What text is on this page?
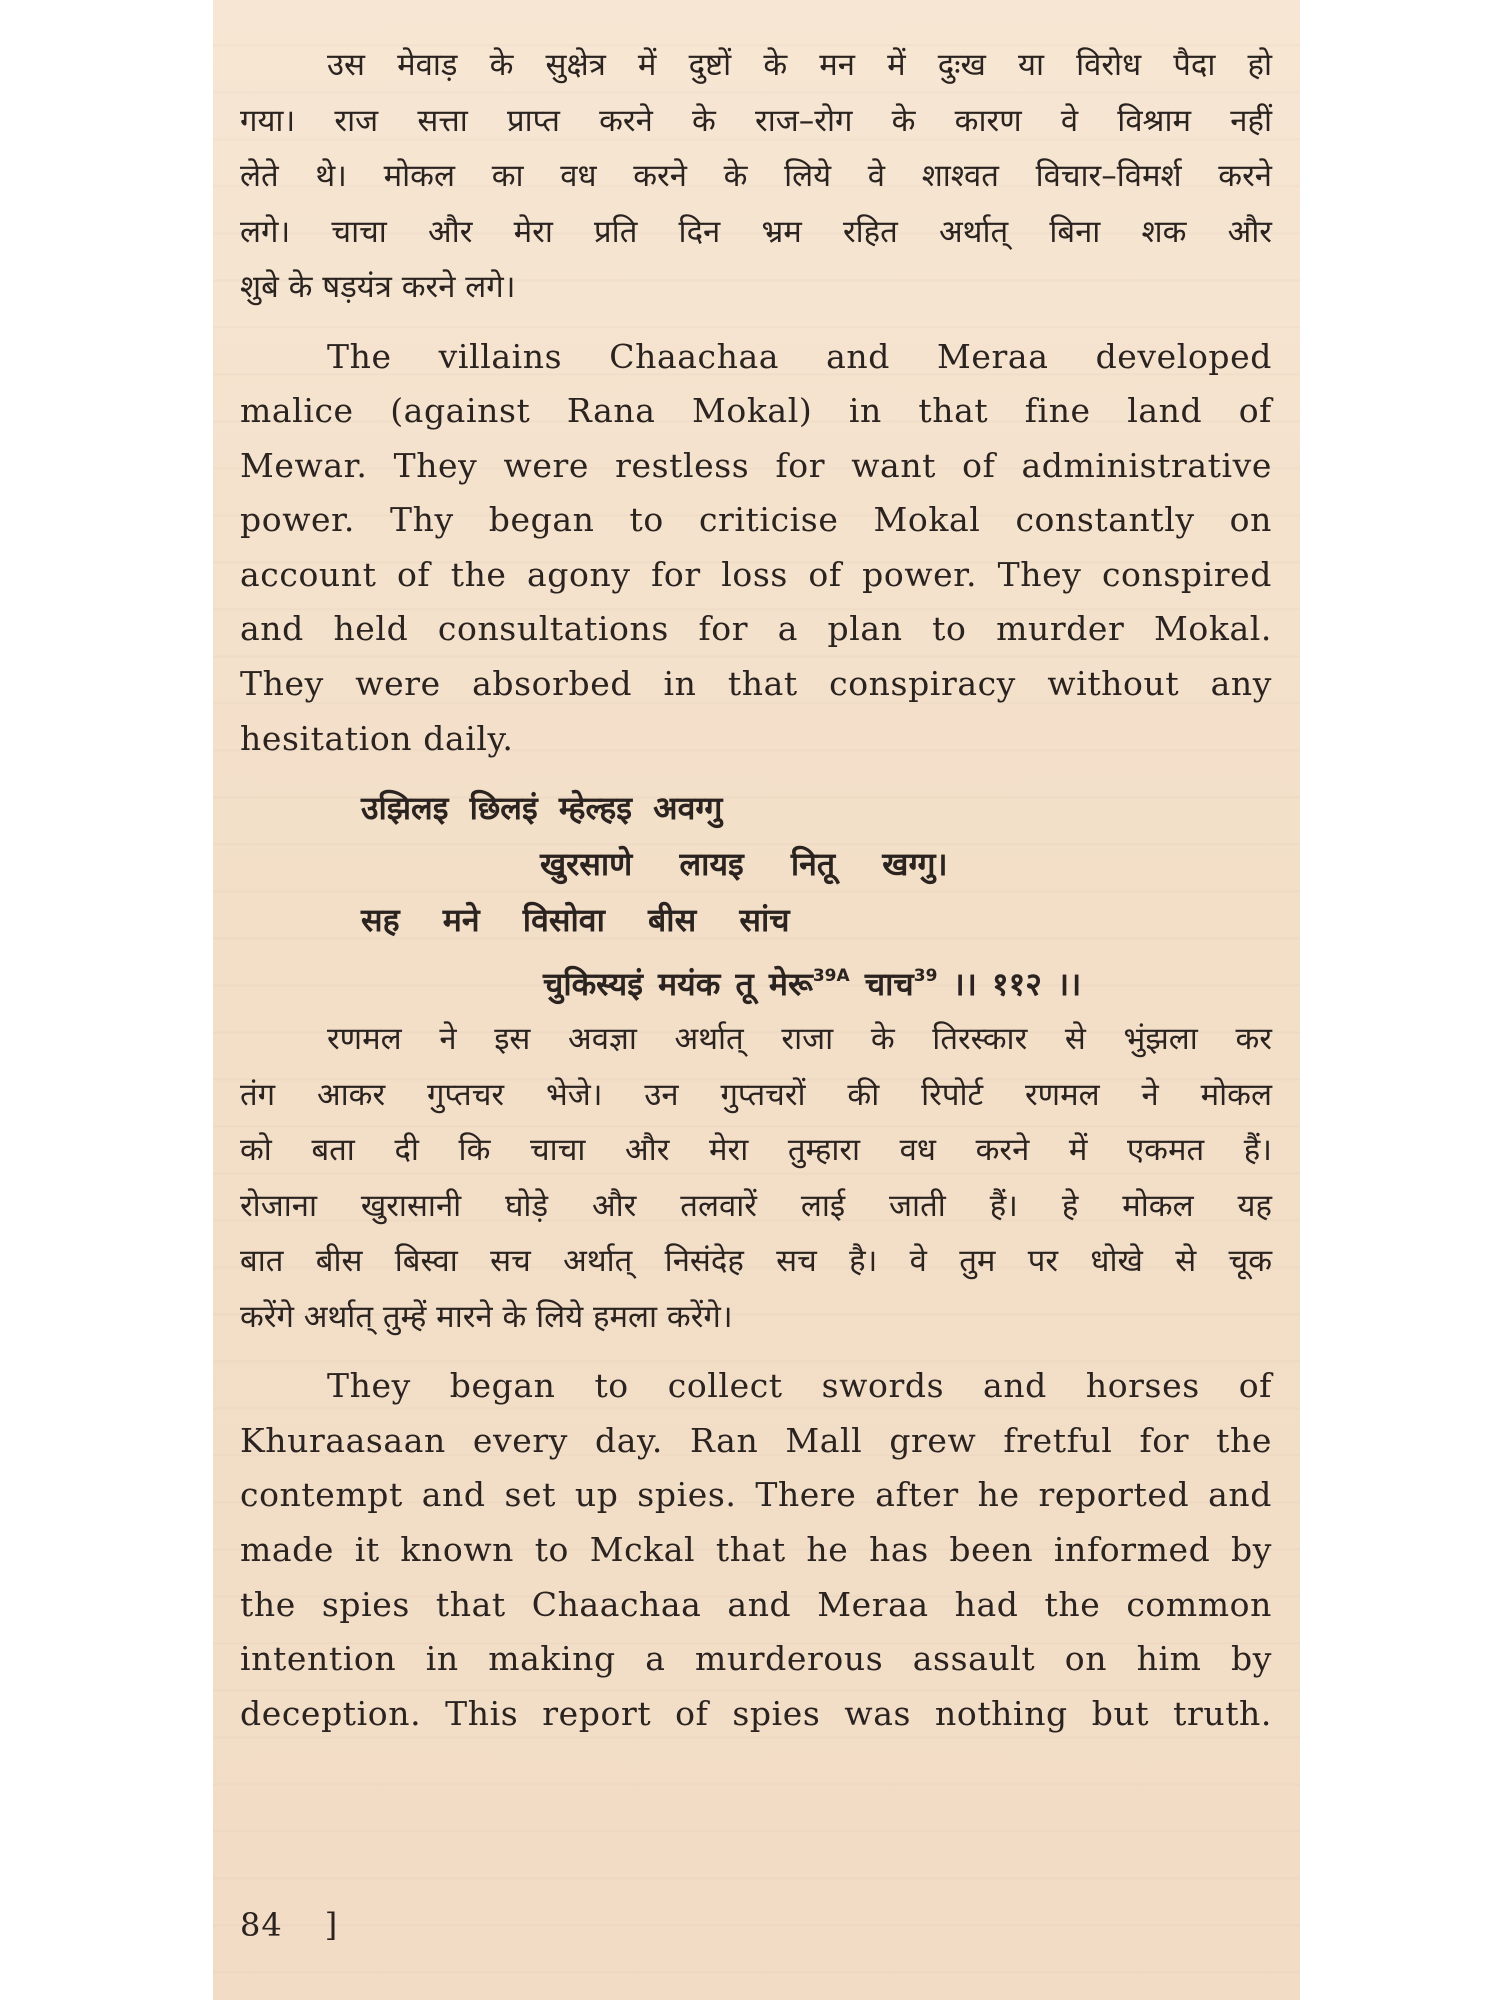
उस मेवाड़ के सुक्षेत्र में दुष्टों के मन में दुःख या विरोध पैदा हो
गया। राज सत्ता प्राप्त करने के राज–रोग के कारण वे विश्राम नहीं
लेते थे। मोकल का वध करने के लिये वे शाश्वत विचार–विमर्श करने
लगे। चाचा और मेरा प्रति दिन भ्रम रहित अर्थात् बिना शक और
शुबे के षड़यंत्र करने लगे।
The villains Chaachaa and Meraa developed
malice (against Rana Mokal) in that fine land of
Mewar. They were restless for want of administrative
power. Thy began to criticise Mokal constantly on
account of the agony for loss of power. They conspired
and held consultations for a plan to murder Mokal.
They were absorbed in that conspiracy without any
hesitation daily.
उझिलइ छिलइं म्हेल्हइ अवग्गु
खुरसाणे लायइ नितू खग्गु।
सह मने विसोवा बीस सांच
चुकिस्यइं मयंक तू मेरू$^{39A}$ चाच$^{39}$ ।। ११२ ।।
रणमल ने इस अवज्ञा अर्थात् राजा के तिरस्कार से भुंझला कर
तंग आकर गुप्तचर भेजे। उन गुप्तचरों की रिपोर्ट रणमल ने मोकल
को बता दी कि चाचा और मेरा तुम्हारा वध करने में एकमत हैं।
रोजाना खुरासानी घोड़े और तलवारें लाई जाती हैं। हे मोकल यह
बात बीस बिस्वा सच अर्थात् निसंदेह सच है। वे तुम पर धोखे से चूक
करेंगे अर्थात् तुम्हें मारने के लिये हमला करेंगे।
They began to collect swords and horses of
Khuraasaan every day. Ran Mall grew fretful for the
contempt and set up spies. There after he reported and
made it known to Mckal that he has been informed by
the spies that Chaachaa and Meraa had the common
intention in making a murderous assault on him by
deception. This report of spies was nothing but truth.
84 ]
